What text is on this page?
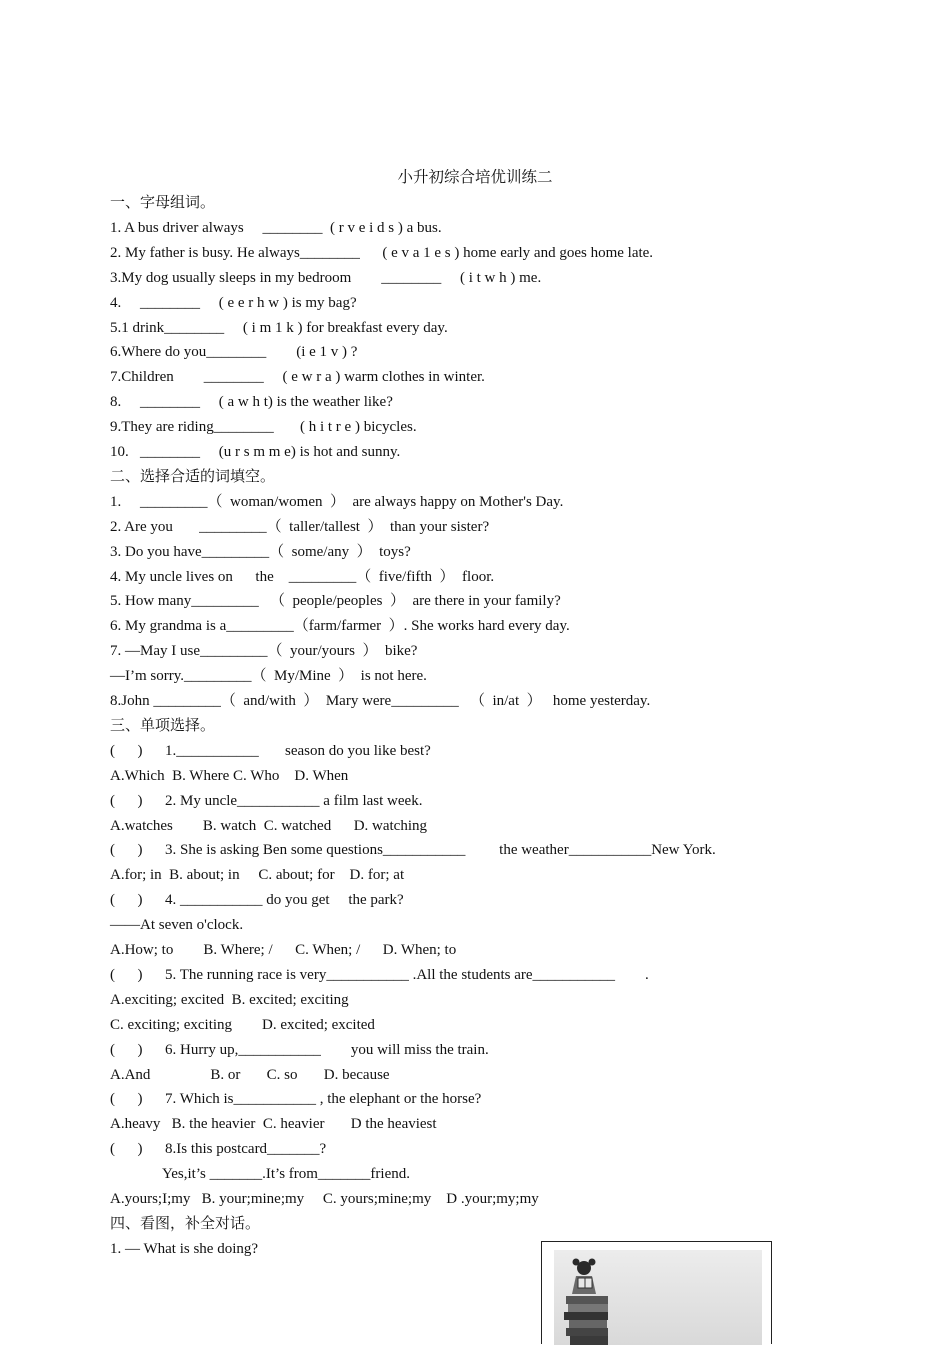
小升初综合培优训练二
一、字母组词。
1. A bus driver always     ________  ( r v e i d s ) a bus.
2. My father is busy. He always________      ( e v a 1 e s ) home early and goes home late.
3.My dog usually sleeps in my bedroom        ________     ( i t w h ) me.
4.     ________     ( e e r h w ) is my bag?
5.1 drink________     ( i m 1 k ) for breakfast every day.
6.Where do you________        (i e 1 v ) ?
7.Children        ________     ( e w r a ) warm clothes in winter.
8.     ________     ( a w h t) is the weather like?
9.They are riding________       ( h i t r e ) bicycles.
10.   ________     (u r s m m e) is hot and sunny.
二、选择合适的词填空。
1.     _________（  woman/women  ）  are always happy on Mother's Day.
2. Are you       _________（  taller/tallest  ）  than your sister?
3. Do you have_________（  some/any  ）  toys?
4. My uncle lives on      the    _________（  five/fifth  ）  floor.
5. How many_________   （  people/peoples  ）  are there in your family?
6. My grandma is a_________（farm/farmer  ）. She works hard every day.
7. —May I use_________（  your/yours  ）  bike?
—I’m sorry._________（  My/Mine  ）  is not here.
8.John _________（  and/with  ）  Mary were_________   （  in/at  ）   home yesterday.
三、单项选择。
(      )      1.___________       season do you like best?
A.Which  B. Where C. Who    D. When
(      )      2. My uncle___________ a film last week.
A.watches        B. watch  C. watched      D. watching
(      )      3. She is asking Ben some questions___________         the weather___________New York.
A.for; in  B. about; in     C. about; for    D. for; at
(      )      4. ___________ do you get     the park?
——At seven o'clock.
A.How; to        B. Where; /      C. When; /      D. When; to
(      )      5. The running race is very___________ .All the students are___________        .
A.exciting; excited  B. excited; exciting
C. exciting; exciting        D. excited; excited
(      )      6. Hurry up,___________        you will miss the train.
A.And                B. or       C. so       D. because
(      )      7. Which is___________ , the elephant or the horse?
A.heavy   B. the heavier  C. heavier       D the heaviest
(      )      8.Is this postcard_______?
Yes,it’s _______.It’s from_______friend.
A.yours;I;my   B. your;mine;my     C. yours;mine;my    D .your;my;my
四、看图，补全对话。
1. — What is she doing?
